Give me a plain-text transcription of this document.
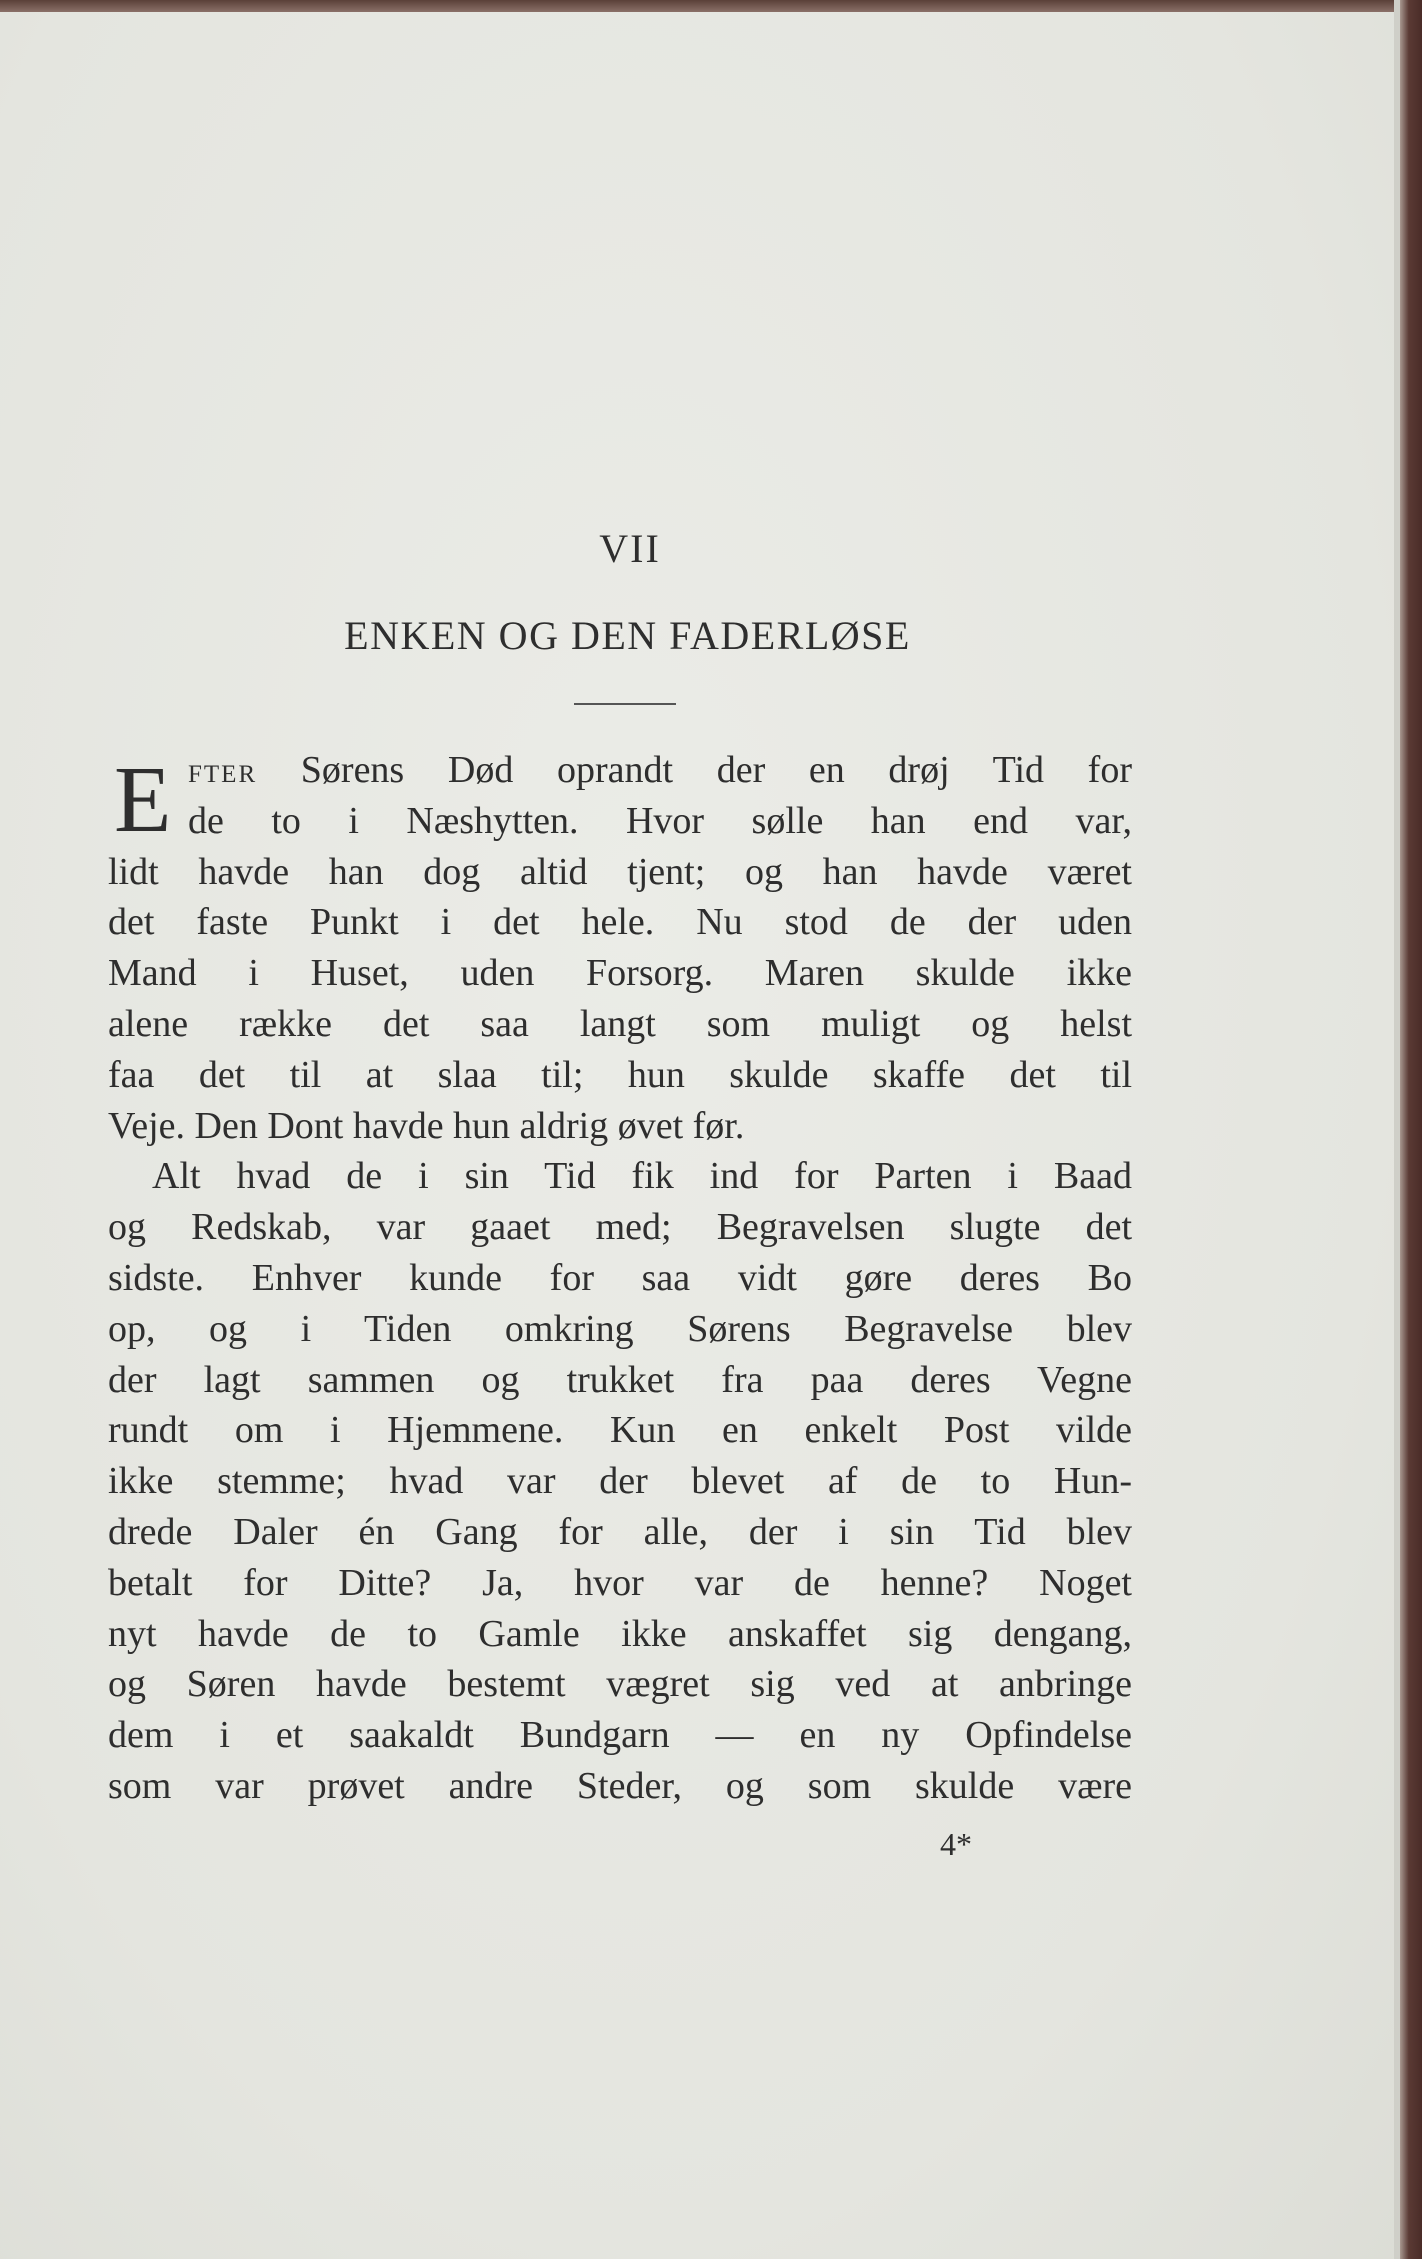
VII
ENKEN OG DEN FADERLØSE
E FTER Sørens Død oprandt der en drøj Tid for
de to i Næshytten. Hvor sølle han end var,
lidt havde han dog altid tjent; og han havde været
det faste Punkt i det hele. Nu stod de der uden
Mand i Huset, uden Forsorg. Maren skulde ikke
alene række det saa langt som muligt og helst
faa det til at slaa til; hun skulde skaffe det til
Veje. Den Dont havde hun aldrig øvet før.
Alt hvad de i sin Tid fik ind for Parten i Baad
og Redskab, var gaaet med; Begravelsen slugte det
sidste. Enhver kunde for saa vidt gøre deres Bo
op, og i Tiden omkring Sørens Begravelse blev
der lagt sammen og trukket fra paa deres Vegne
rundt om i Hjemmene. Kun en enkelt Post vilde
ikke stemme; hvad var der blevet af de to Hun-
drede Daler én Gang for alle, der i sin Tid blev
betalt for Ditte? Ja, hvor var de henne? Noget
nyt havde de to Gamle ikke anskaffet sig dengang,
og Søren havde bestemt vægret sig ved at anbringe
dem i et saakaldt Bundgarn — en ny Opfindelse
som var prøvet andre Steder, og som skulde være
4*
